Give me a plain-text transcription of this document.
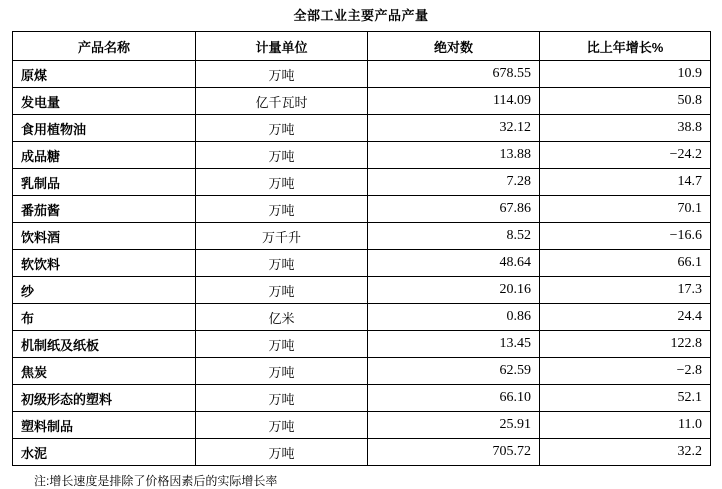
全部工业主要产品产量
产品名称	计量单位	绝对数	比上年增长%
原煤	万吨	678.55	10.9
发电量	亿千瓦时	114.09	50.8
食用植物油	万吨	32.12	38.8
成品糖	万吨	13.88	−24.2
乳制品	万吨	7.28	14.7
番茄酱	万吨	67.86	70.1
饮料酒	万千升	8.52	−16.6
软饮料	万吨	48.64	66.1
纱	万吨	20.16	17.3
布	亿米	0.86	24.4
机制纸及纸板	万吨	13.45	122.8
焦炭	万吨	62.59	−2.8
初级形态的塑料	万吨	66.10	52.1
塑料制品	万吨	25.91	11.0
水泥	万吨	705.72	32.2
注:增长速度是排除了价格因素后的实际增长率
